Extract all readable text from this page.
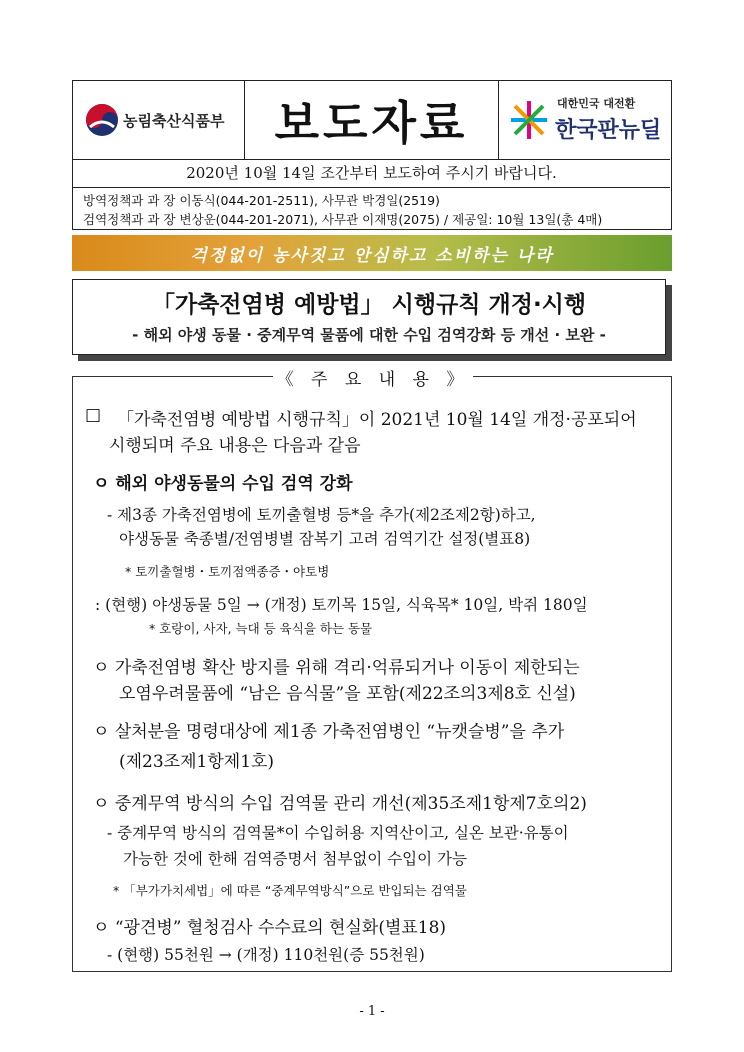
농림축산식품부 보도자료	대한민국 대전환
한국판뉴딜
2020년 10월 14일 조간부터 보도하여 주시기 바랍니다.
방역정책과 과 장 이동식(044-201-2511), 사무관 박경일(2519)
검역정책과 과 장 변상운(044-201-2071), 사무관 이재명(2075) / 제공일: 10월 13일(총 4매)
걱정없이 농사짓고 안심하고 소비하는 나라
「가축전염병 예방법」 시행규칙 개정·시행
- 해외 야생 동물 · 중계무역 물품에 대한 수입 검역강화 등 개선 · 보완 -
《 주 요 내 용 》
□ 「가축전염병 예방법 시행규칙」이 2021년 10월 14일 개정·공포되어
시행되며 주요 내용은 다음과 같음
ㅇ 해외 야생동물의 수입 검역 강화
- 제3종 가축전염병에 토끼출혈병 등*을 추가(제2조제2항)하고,
야생동물 축종별/전염병별 잠복기 고려 검역기간 설정(별표8)
* 토끼출혈병・토끼점액종증・야토병
: (현행) 야생동물 5일 → (개정) 토끼목 15일, 식육목* 10일, 박쥐 180일
* 호랑이, 사자, 늑대 등 육식을 하는 동물
ㅇ 가축전염병 확산 방지를 위해 격리·억류되거나 이동이 제한되는
오염우려물품에 “남은 음식물”을 포함(제22조의3제8호 신설)
ㅇ 살처분을 명령대상에 제1종 가축전염병인 “뉴캣슬병”을 추가
(제23조제1항제1호)
ㅇ 중계무역 방식의 수입 검역물 관리 개선(제35조제1항제7호의2)
- 중계무역 방식의 검역물*이 수입허용 지역산이고, 실온 보관·유통이
가능한 것에 한해 검역증명서 첨부없이 수입이 가능
* 「부가가치세법」에 따른 “중계무역방식”으로 반입되는 검역물
ㅇ “광견병” 혈청검사 수수료의 현실화(별표18)
- (현행) 55천원 → (개정) 110천원(증 55천원)
- 1 -
